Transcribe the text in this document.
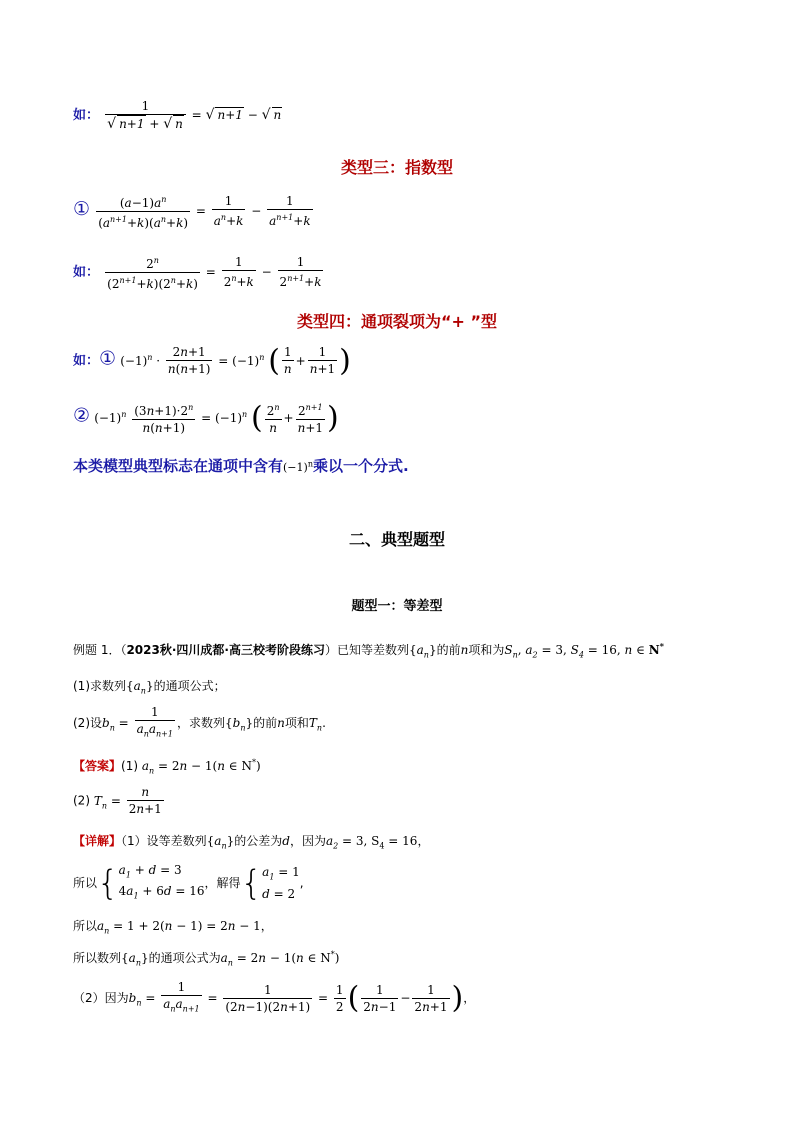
如： $\frac{1}{√ n+1 + √ n}$ = √ n+1 − √ n
类型三：指数型
① $\frac{(a-1)a^n}{(a^{n+1}+k)(a^n+k)} = \frac{1}{a^n+k} - \frac{1}{a^{n+1}+k}$
如： $\frac{2^n}{(2^{n+1}+k)(2^n+k)} = \frac{1}{2^n+k} - \frac{1}{2^{n+1}+k}$
类型四：通项裂项为“+ ”型
如：① $(-1)^n \cdot \frac{2n+1}{n(n+1)} = (-1)^n$ ( $\frac{1}{n} + \frac{1}{n+1}$ )
② $(-1)^n \frac{(3n+1)\cdot 2^n}{n(n+1)} = (-1)^n$ ( $\frac{2^n}{n} + \frac{2^{n+1}}{n+1}$ )
本类模型典型标志在通项中含有$(-1)^n$乘以一个分式.
二、典型题型
题型一：等差型
例题 1．（2023秋·四川成都·高三校考阶段练习）已知等差数列$\{a_n\}$的前n项和为$S_n$, $a_2 = 3$, $S_4 = 16$, n ∈ N*
(1)求数列$\{a_n\}$的通项公式；
(2)设$b_n = \frac{1}{a_na_{n+1}}$ ，求数列$\{b_n\}$的前n项和$T_n$.
【答案】(1) $a_n = 2n - 1(n$ ∈ N*)
(2) $T_n = \frac{n}{2n+1}$
【详解】（1）设等差数列$\{a_n\}$的公差为d，因为$a_2 = 3$, $S_4 = 16$，
所以{ $a_1 + d = 3$
$4a_1 + 6d = 16$
，解得{ $a_1 = 1$
d = 2
,
所以$a_n = 1 + 2(n - 1) = 2n - 1$，
所以数列$\{a_n\}$的通项公式为$a_n = 2n - 1(n$ ∈ N*)
（2）因为$b_n = \frac{1}{a_na_{n+1}} = \frac{1}{(2n-1)(2n+1)} = \frac{1}{2}$ ( $\frac{1}{2n-1} - \frac{1}{2n+1}$ )，
